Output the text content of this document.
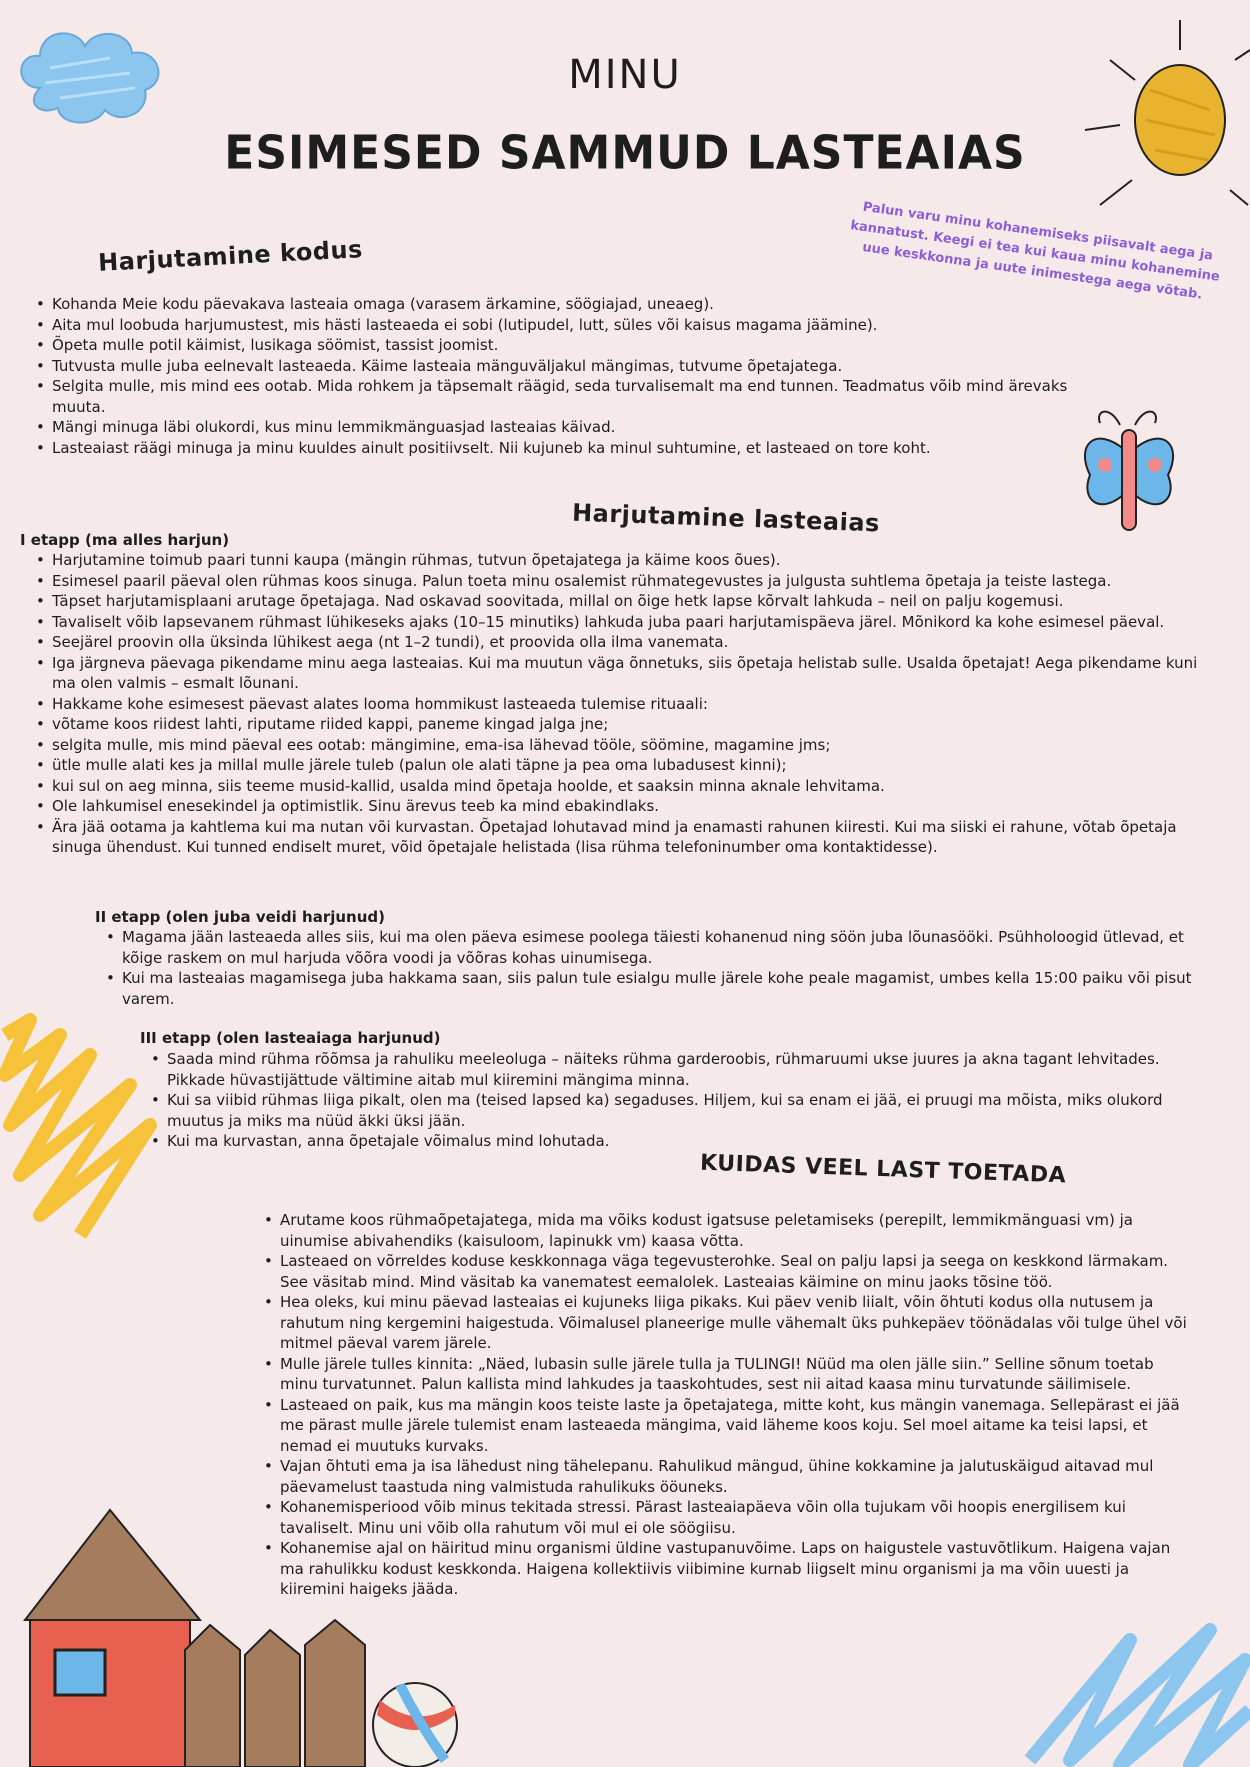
MINU
ESIMESED SAMMUD LASTEAIAS
Palun varu minu kohanemiseks piisavalt aega ja kannatust. Keegi ei tea kui kaua minu kohanemine uue keskkonna ja uute inimestega aega võtab.
Harjutamine kodus
• Kohanda Meie kodu päevakava lasteaia omaga (varasem ärkamine, söögiajad, uneaeg).
• Aita mul loobuda harjumustest, mis hästi lasteaeda ei sobi (lutipudel, lutt, süles või kaisus magama jäämine).
• Õpeta mulle potil käimist, lusikaga söömist, tassist joomist.
• Tutvusta mulle juba eelnevalt lasteaeda. Käime lasteaia mänguväljakul mängimas, tutvume õpetajatega.
• Selgita mulle, mis mind ees ootab. Mida rohkem ja täpsemalt räägid, seda turvalisemalt ma end tunnen. Teadmatus võib mind ärevaks muuta.
• Mängi minuga läbi olukordi, kus minu lemmikmänguasjad lasteaias käivad.
• Lasteaiast räägi minuga ja minu kuuldes ainult positiivselt. Nii kujuneb ka minul suhtumine, et lasteaed on tore koht.
Harjutamine lasteaias
I etapp (ma alles harjun)
• Harjutamine toimub paari tunni kaupa (mängin rühmas, tutvun õpetajatega ja käime koos õues).
• Esimesel paaril päeval olen rühmas koos sinuga. Palun toeta minu osalemist rühmategevustes ja julgusta suhtlema õpetaja ja teiste lastega.
• Täpset harjutamisplaani arutage õpetajaga. Nad oskavad soovitada, millal on õige hetk lapse kõrvalt lahkuda – neil on palju kogemusi.
• Tavaliselt võib lapsevanem rühmast lühikeseks ajaks (10–15 minutiks) lahkuda juba paari harjutamispäeva järel. Mõnikord ka kohe esimesel päeval.
• Seejärel proovin olla üksinda lühikest aega (nt 1–2 tundi), et proovida olla ilma vanemata.
• Iga järgneva päevaga pikendame minu aega lasteaias. Kui ma muutun väga õnnetuks, siis õpetaja helistab sulle. Usalda õpetajat! Aega pikendame kuni ma olen valmis – esmalt lõunani.
• Hakkame kohe esimesest päevast alates looma hommikust lasteaeda tulemise rituaali:
• võtame koos riidest lahti, riputame riided kappi, paneme kingad jalga jne;
• selgita mulle, mis mind päeval ees ootab: mängimine, ema-isa lähevad tööle, söömine, magamine jms;
• ütle mulle alati kes ja millal mulle järele tuleb (palun ole alati täpne ja pea oma lubadusest kinni);
• kui sul on aeg minna, siis teeme musid-kallid, usalda mind õpetaja hoolde, et saaksin minna aknale lehvitama.
• Ole lahkumisel enesekindel ja optimistlik. Sinu ärevus teeb ka mind ebakindlaks.
• Ära jää ootama ja kahtlema kui ma nutan või kurvastan. Õpetajad lohutavad mind ja enamasti rahunen kiiresti. Kui ma siiski ei rahune, võtab õpetaja sinuga ühendust. Kui tunned endiselt muret, võid õpetajale helistada (lisa rühma telefoninumber oma kontaktidesse).
II etapp (olen juba veidi harjunud)
• Magama jään lasteaeda alles siis, kui ma olen päeva esimese poolega täiesti kohanenud ning söön juba lõunasööki. Psühholoogid ütlevad, et kõige raskem on mul harjuda võõra voodi ja võõras kohas uinumisega.
• Kui ma lasteaias magamisega juba hakkama saan, siis palun tule esialgu mulle järele kohe peale magamist, umbes kella 15:00 paiku või pisut varem.
III etapp (olen lasteaiaga harjunud)
• Saada mind rühma rõõmsa ja rahuliku meeleoluga – näiteks rühma garderoobis, rühmaruumi ukse juures ja akna tagant lehvitades. Pikkade hüvastijättude vältimine aitab mul kiiremini mängima minna.
• Kui sa viibid rühmas liiga pikalt, olen ma (teised lapsed ka) segaduses. Hiljem, kui sa enam ei jää, ei pruugi ma mõista, miks olukord muutus ja miks ma nüüd äkki üksi jään.
• Kui ma kurvastan, anna õpetajale võimalus mind lohutada.
KUIDAS VEEL LAST TOETADA
• Arutame koos rühmaõpetajatega, mida ma võiks kodust igatsuse peletamiseks (perepilt, lemmikmänguasi vm) ja uinumise abivahendiks (kaisuloom, lapinukk vm) kaasa võtta.
• Lasteaed on võrreldes koduse keskkonnaga väga tegevusterohke. Seal on palju lapsi ja seega on keskkond lärmakam. See väsitab mind. Mind väsitab ka vanematest eemalolek. Lasteaias käimine on minu jaoks tõsine töö.
• Hea oleks, kui minu päevad lasteaias ei kujuneks liiga pikaks. Kui päev venib liialt, võin õhtuti kodus olla nutusem ja rahutum ning kergemini haigestuda. Võimalusel planeerige mulle vähemalt üks puhkepäev töönädalas või tulge ühel või mitmel päeval varem järele.
• Mulle järele tulles kinnita: „Näed, lubasin sulle järele tulla ja TULINGI! Nüüd ma olen jälle siin.” Selline sõnum toetab minu turvatunnet. Palun kallista mind lahkudes ja taaskohtudes, sest nii aitad kaasa minu turvatunde säilimisele.
• Lasteaed on paik, kus ma mängin koos teiste laste ja õpetajatega, mitte koht, kus mängin vanemaga. Sellepärast ei jää me pärast mulle järele tulemist enam lasteaeda mängima, vaid läheme koos koju. Sel moel aitame ka teisi lapsi, et nemad ei muutuks kurvaks.
• Vajan õhtuti ema ja isa lähedust ning tähelepanu. Rahulikud mängud, ühine kokkamine ja jalutuskäigud aitavad mul päevamelust taastuda ning valmistuda rahulikuks ööuneks.
• Kohanemisperiood võib minus tekitada stressi. Pärast lasteaiapäeva võin olla tujukam või hoopis energilisem kui tavaliselt. Minu uni võib olla rahutum või mul ei ole söögiisu.
• Kohanemise ajal on häiritud minu organismi üldine vastupanuvõime. Laps on haigustele vastuvõtlikum. Haigena vajan ma rahulikku kodust keskkonda. Haigena kollektiivis viibimine kurnab liigselt minu organismi ja ma võin uuesti ja kiiremini haigeks jääda.
